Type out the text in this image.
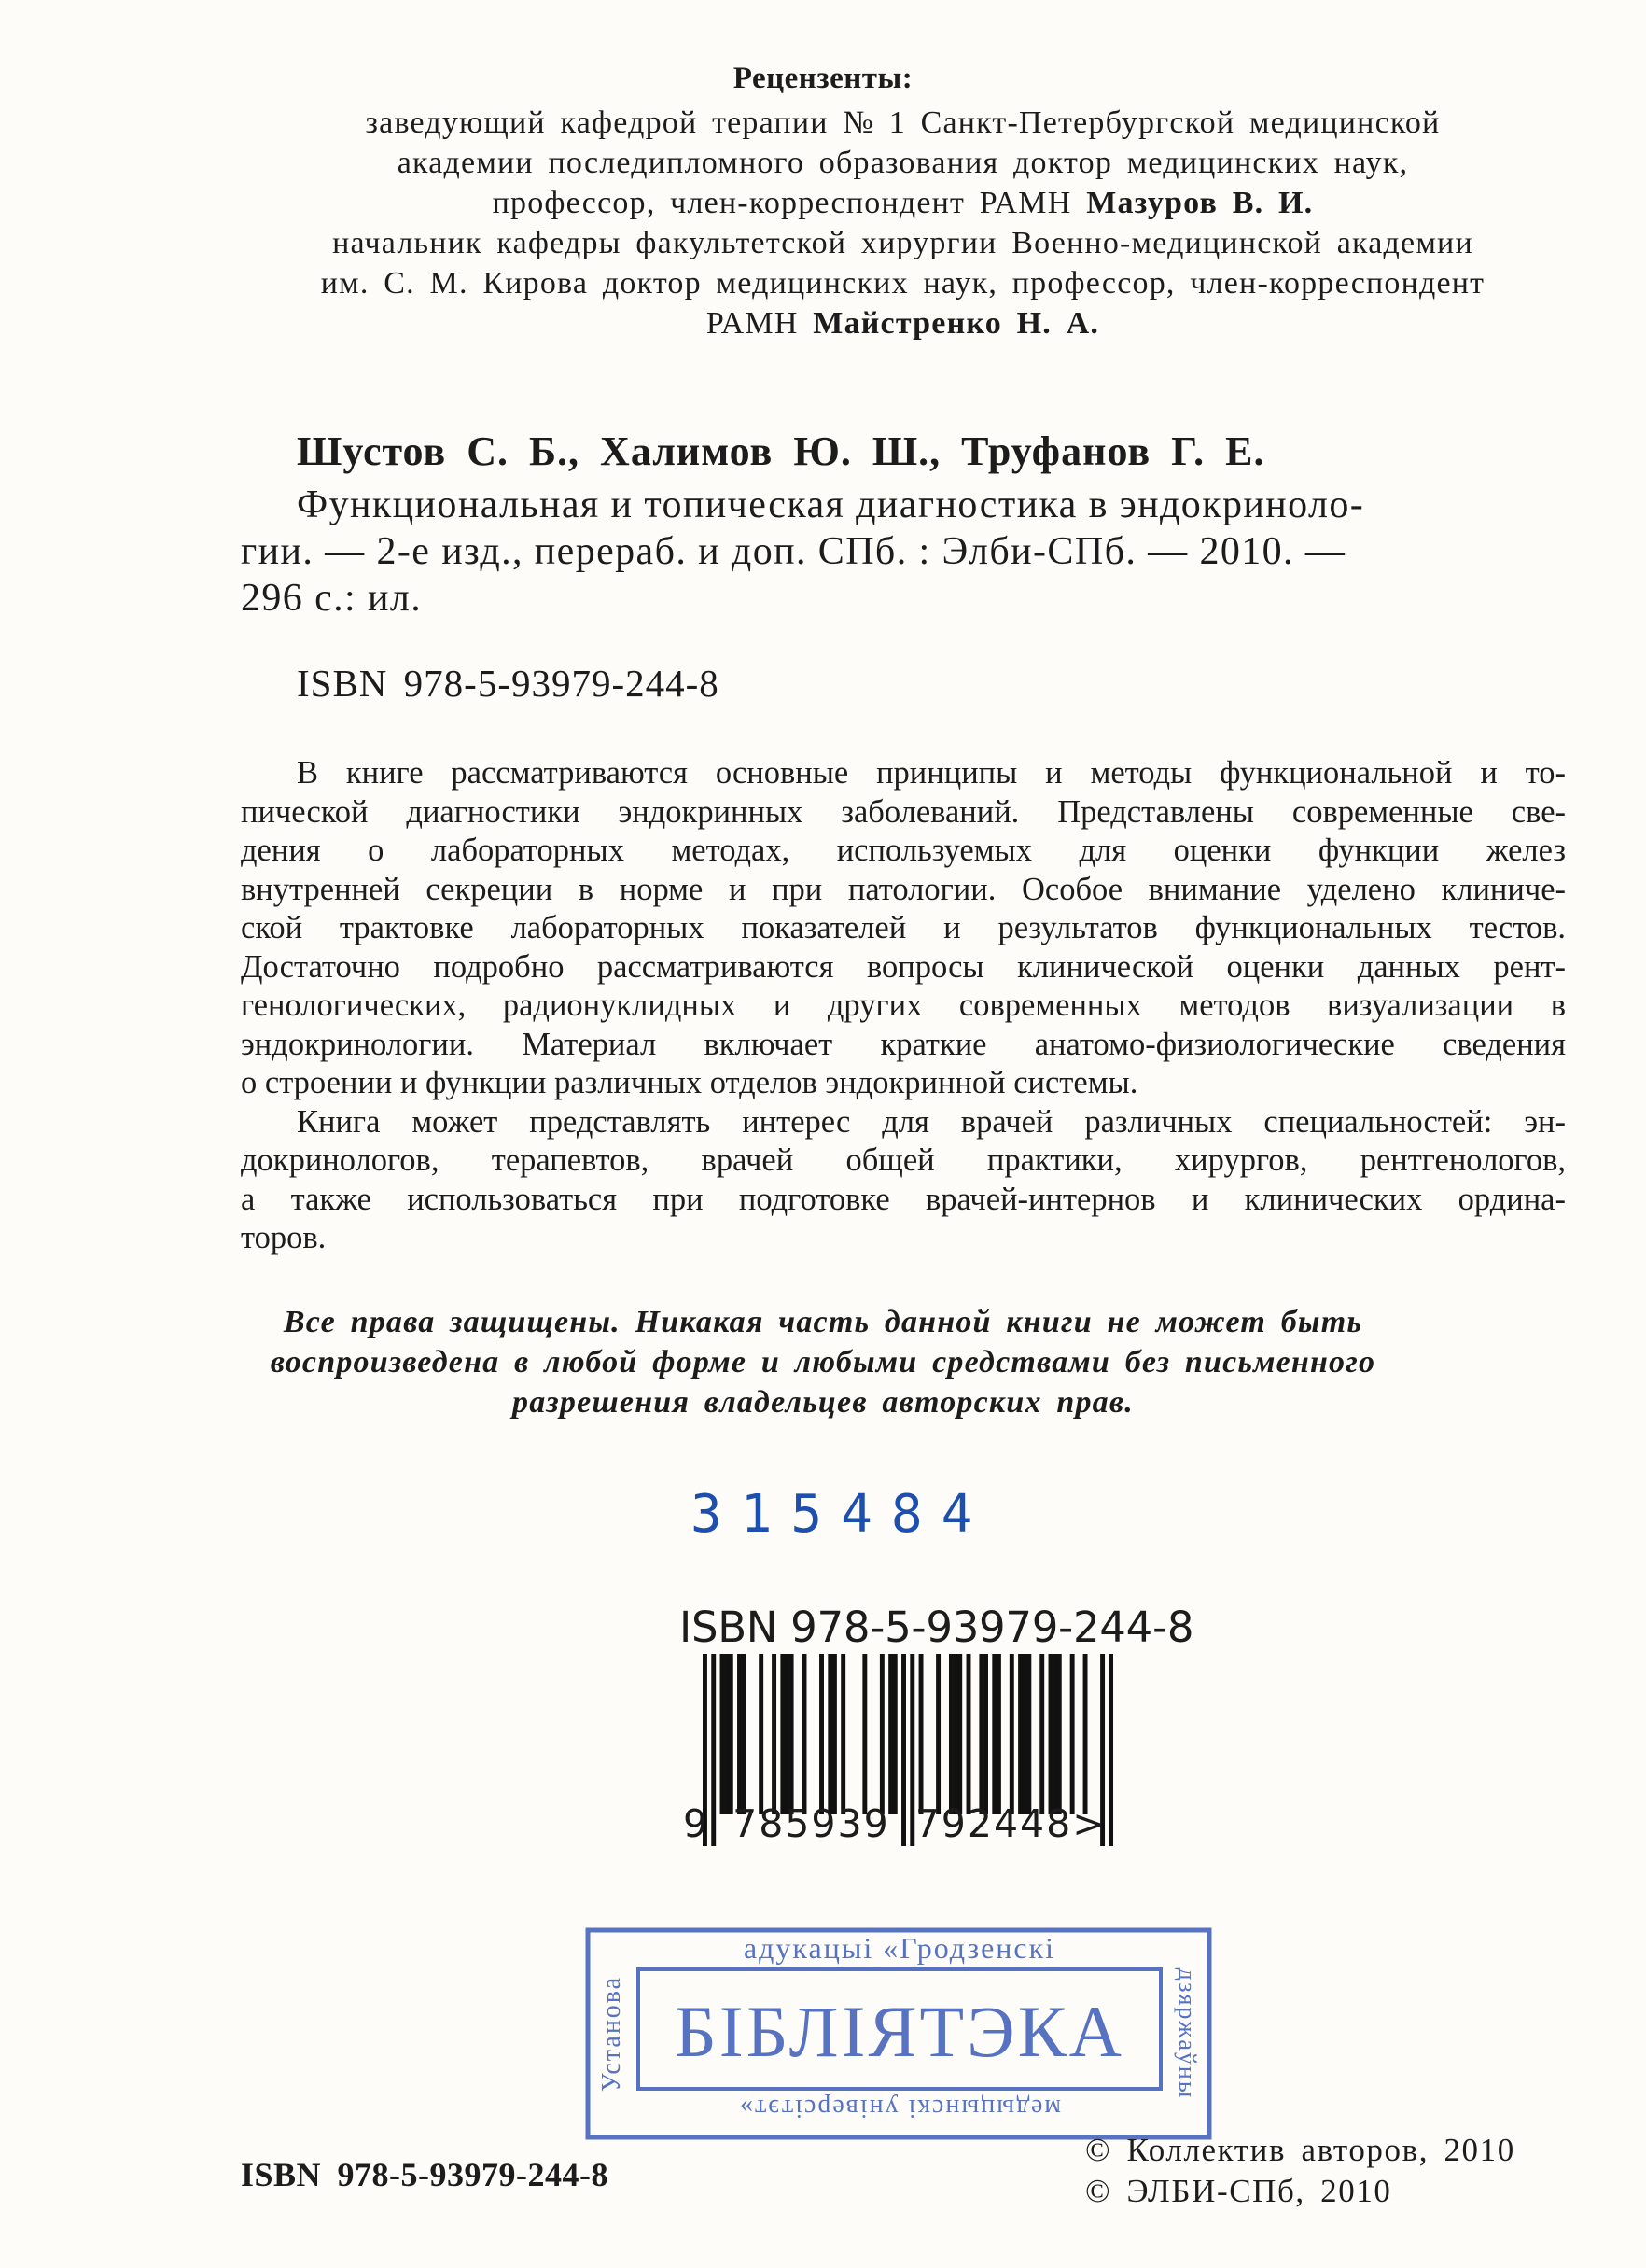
Рецензенты:
заведующий кафедрой терапии № 1 Санкт-Петербургской медицинской
академии последипломного образования доктор медицинских наук,
профессор, член-корреспондент РАМН Мазуров В. И.
начальник кафедры факультетской хирургии Военно-медицинской академии
им. С. М. Кирова доктор медицинских наук, профессор, член-корреспондент
РАМН Майстренко Н. А.
Шустов С. Б., Халимов Ю. Ш., Труфанов Г. Е.
Функциональная и топическая диагностика в эндокриноло-
гии. — 2-е изд., перераб. и доп. СПб. : Элби-СПб. — 2010. —
296 с.: ил.
ISBN 978-5-93979-244-8
В книге рассматриваются основные принципы и методы функциональной и то-
пической диагностики эндокринных заболеваний. Представлены современные све-
дения о лабораторных методах, используемых для оценки функции желез
внутренней секреции в норме и при патологии. Особое внимание уделено клиниче-
ской трактовке лабораторных показателей и результатов функциональных тестов.
Достаточно подробно рассматриваются вопросы клинической оценки данных рент-
генологических, радионуклидных и других современных методов визуализации в
эндокринологии. Материал включает краткие анатомо-физиологические сведения
о строении и функции различных отделов эндокринной системы.
Книга может представлять интерес для врачей различных специальностей: эн-
докринологов, терапевтов, врачей общей практики, хирургов, рентгенологов,
а также использоваться при подготовке врачей-интернов и клинических ордина-
торов.
Все права защищены. Никакая часть данной книги не может быть
воспроизведена в любой форме и любыми средствами без письменного
разрешения владельцев авторских прав.
315484
ISBN 978-5-93979-244-8
9 785939 792448>
адукацыі «Гродзенскі
БІБЛІЯТЭКА
медыцынскі універсітэт»
Установа	дзяржаўны
ISBN 978-5-93979-244-8
© Коллектив авторов, 2010
© ЭЛБИ-СПб, 2010
